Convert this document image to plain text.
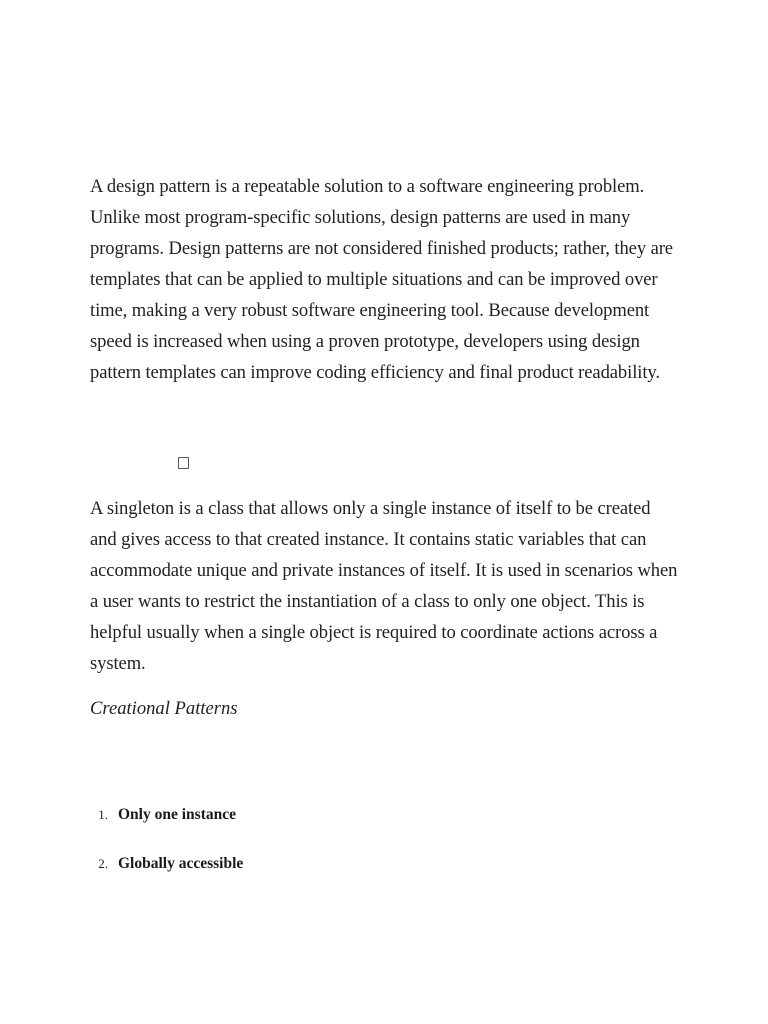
A design pattern is a repeatable solution to a software engineering problem. Unlike most program-specific solutions, design patterns are used in many programs. Design patterns are not considered finished products; rather, they are templates that can be applied to multiple situations and can be improved over time, making a very robust software engineering tool. Because development speed is increased when using a proven prototype, developers using design pattern templates can improve coding efficiency and final product readability.

A singleton is a class that allows only a single instance of itself to be created and gives access to that created instance. It contains static variables that can accommodate unique and private instances of itself. It is used in scenarios when a user wants to restrict the instantiation of a class to only one object. This is helpful usually when a single object is required to coordinate actions across a system.

Creational Patterns

1. Only one instance
2. Globally accessible
